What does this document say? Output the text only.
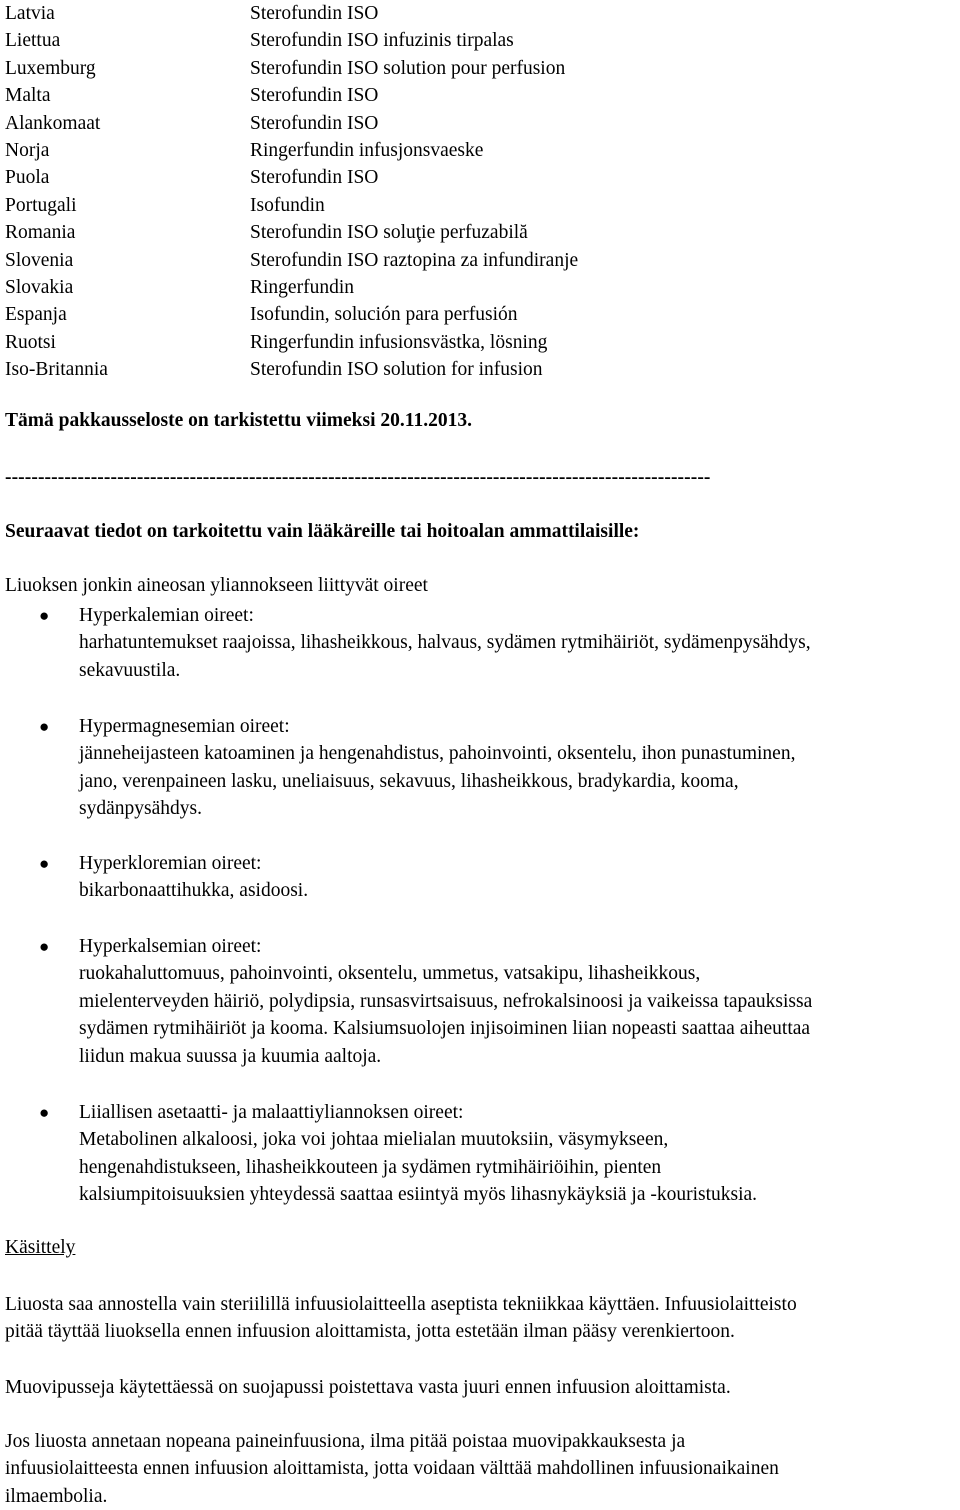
Latvia	Sterofundin ISO
Liettua	Sterofundin ISO infuzinis tirpalas
Luxemburg	Sterofundin ISO solution pour perfusion
Malta	Sterofundin ISO
Alankomaat	Sterofundin ISO
Norja	Ringerfundin infusjonsvaeske
Puola	Sterofundin ISO
Portugali	Isofundin
Romania	Sterofundin ISO soluţie perfuzabilă
Slovenia	Sterofundin ISO raztopina za infundiranje
Slovakia	Ringerfundin
Espanja	Isofundin, solución para perfusión
Ruotsi	Ringerfundin infusionsvästka, lösning
Iso-Britannia	Sterofundin ISO solution for infusion
Tämä pakkausseloste on tarkistettu viimeksi 20.11.2013.
-----------------------------------------------------------------------------------------------------------
Seuraavat tiedot on tarkoitettu vain lääkäreille tai hoitoalan ammattilaisille:
Liuoksen jonkin aineosan yliannokseen liittyvät oireet
● Hyperkalemian oireet:
harhatuntemukset raajoissa, lihasheikkous, halvaus, sydämen rytmihäiriöt, sydämenpysähdys,
sekavuustila.
● Hypermagnesemian oireet:
jänneheijasteen katoaminen ja hengenahdistus, pahoinvointi, oksentelu, ihon punastuminen,
jano, verenpaineen lasku, uneliaisuus, sekavuus, lihasheikkous, bradykardia, kooma,
sydänpysähdys.
● Hyperkloremian oireet:
bikarbonaattihukka, asidoosi.
● Hyperkalsemian oireet:
ruokahaluttomuus, pahoinvointi, oksentelu, ummetus, vatsakipu, lihasheikkous,
mielenterveyden häiriö, polydipsia, runsasvirtsaisuus, nefrokalsinoosi ja vaikeissa tapauksissa
sydämen rytmihäiriöt ja kooma. Kalsiumsuolojen injisoiminen liian nopeasti saattaa aiheuttaa
liidun makua suussa ja kuumia aaltoja.
● Liiallisen asetaatti- ja malaattiyliannoksen oireet:
Metabolinen alkaloosi, joka voi johtaa mielialan muutoksiin, väsymykseen,
hengenahdistukseen, lihasheikkouteen ja sydämen rytmihäiriöihin, pienten
kalsiumpitoisuuksien yhteydessä saattaa esiintyä myös lihasnykäyksiä ja -kouristuksia.
Käsittely
Liuosta saa annostella vain steriilillä infuusiolaitteella aseptista tekniikkaa käyttäen. Infuusiolaitteisto
pitää täyttää liuoksella ennen infuusion aloittamista, jotta estetään ilman pääsy verenkiertoon.
Muovipusseja käytettäessä on suojapussi poistettava vasta juuri ennen infuusion aloittamista.
Jos liuosta annetaan nopeana paineinfuusiona, ilma pitää poistaa muovipakkauksesta ja
infuusiolaitteesta ennen infuusion aloittamista, jotta voidaan välttää mahdollinen infuusionaikainen
ilmaembolia.
